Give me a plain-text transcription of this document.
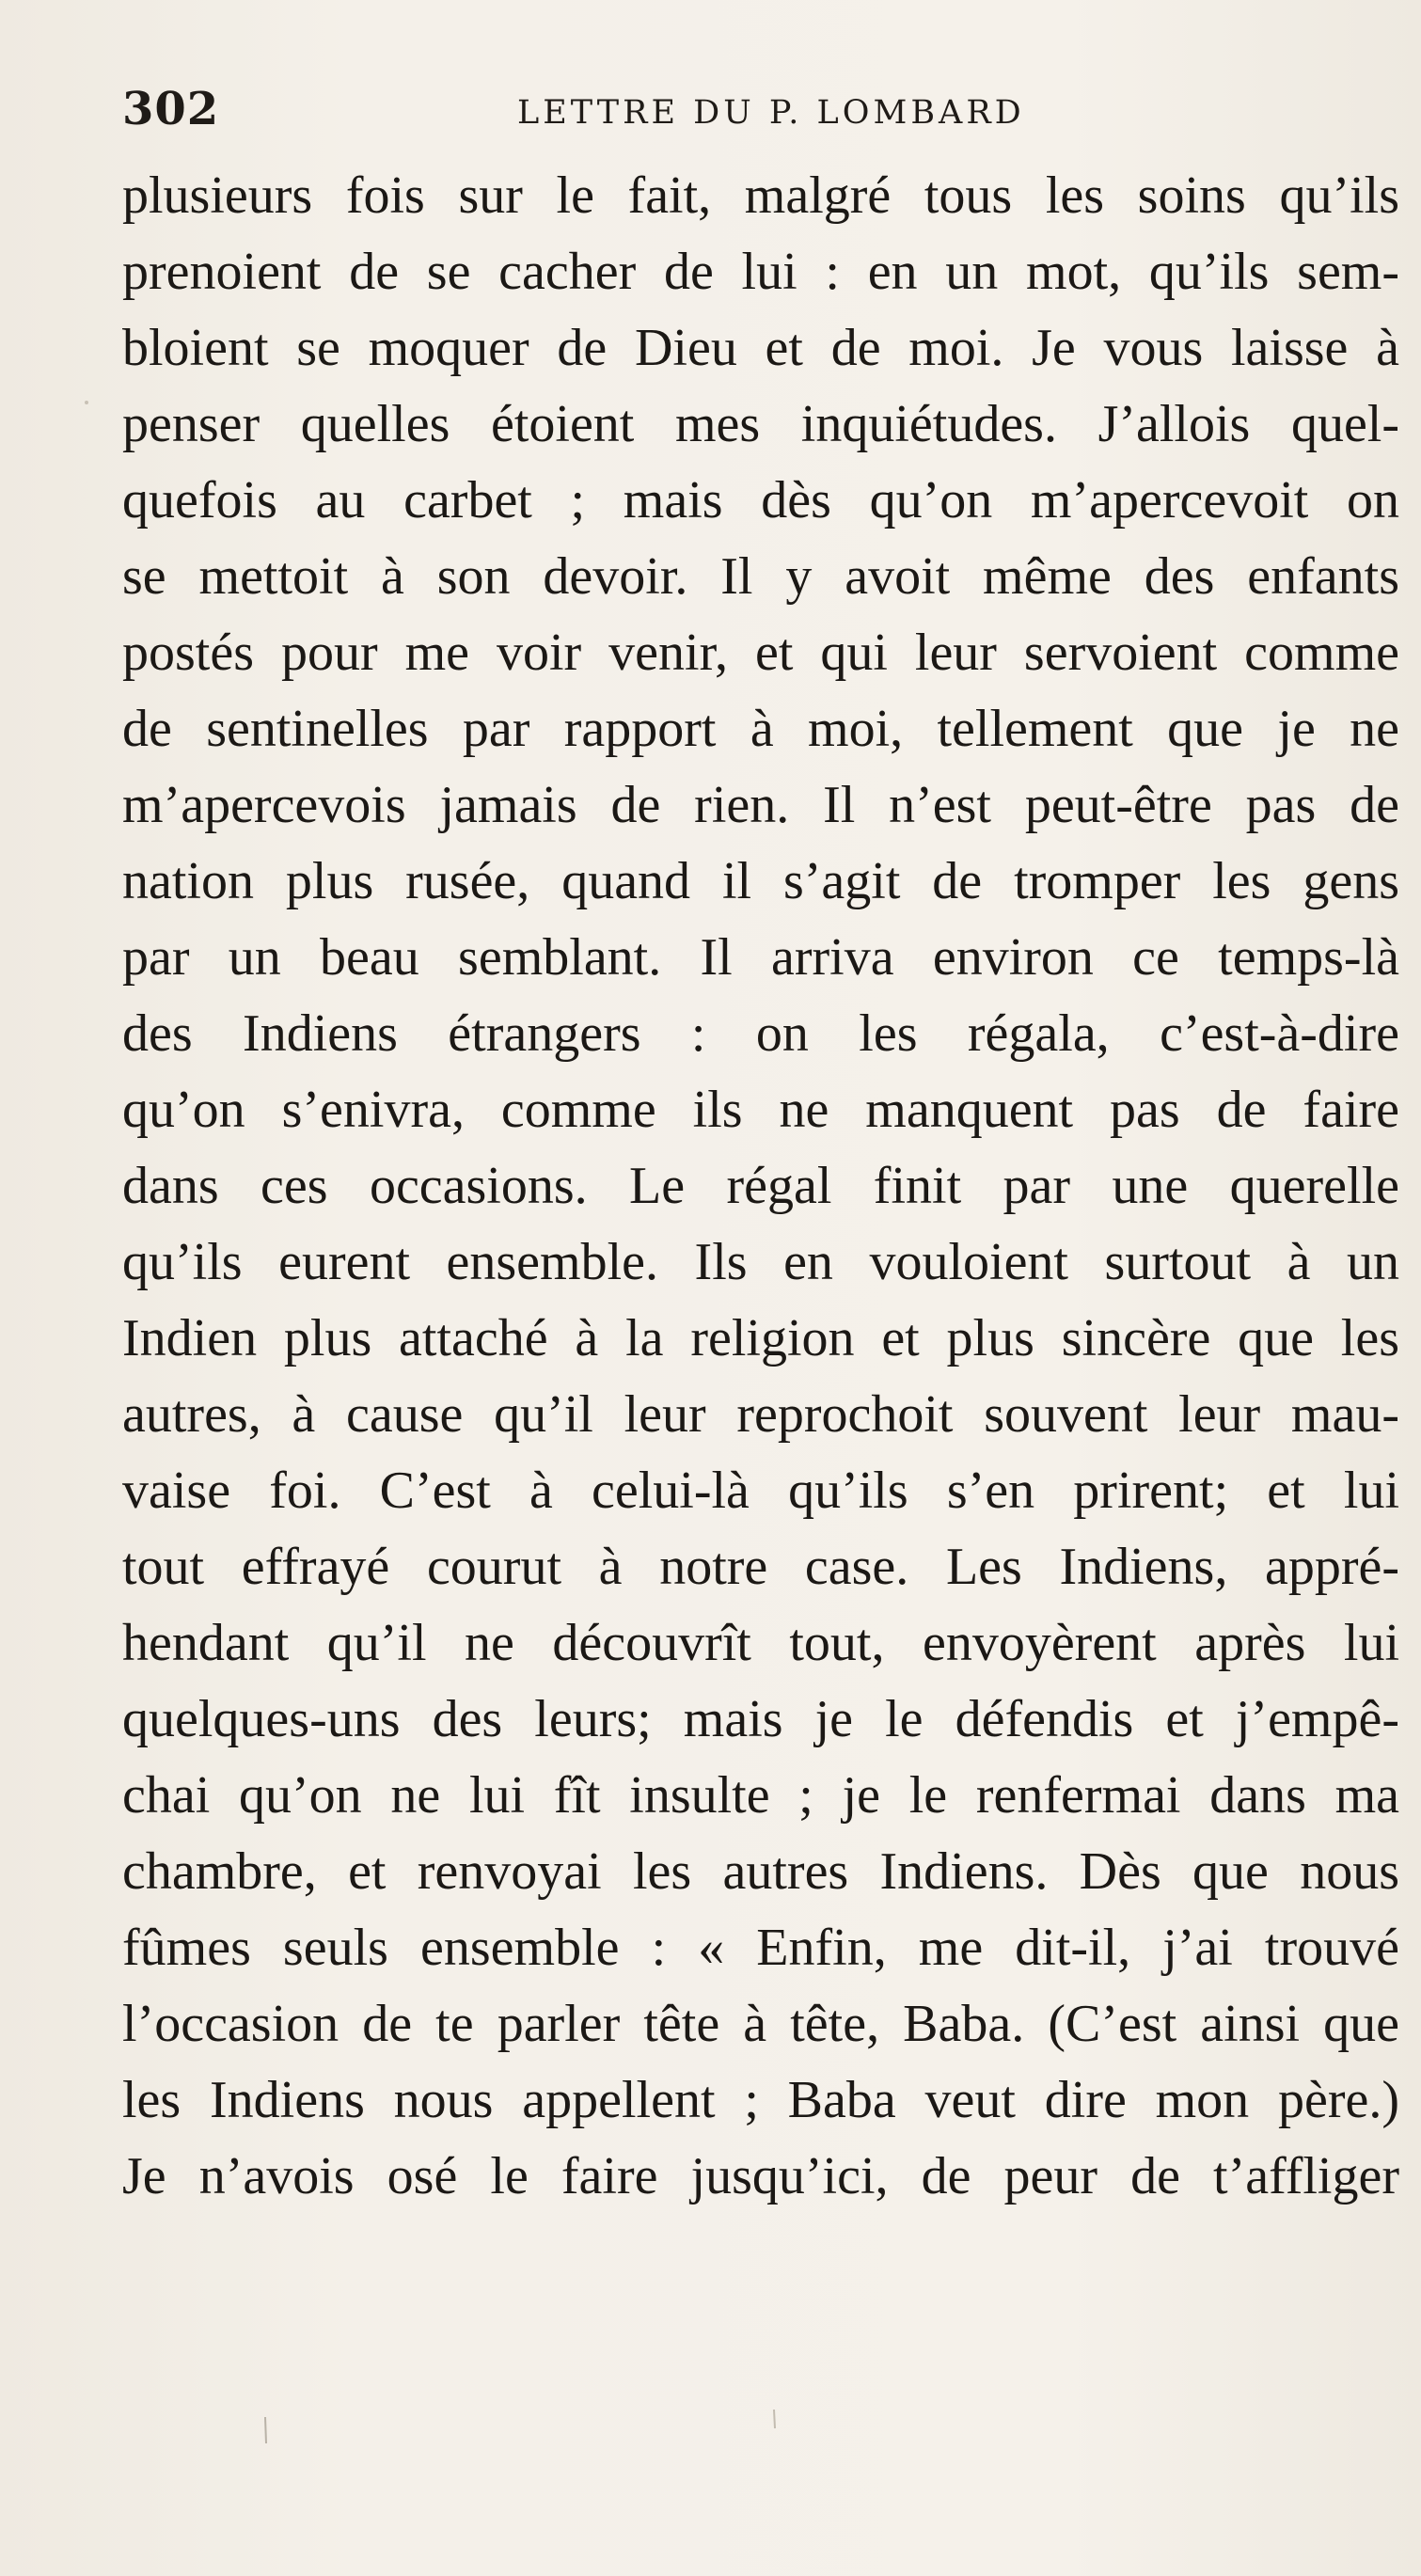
302	LETTRE DU P. LOMBARD
plusieurs fois sur le fait, malgré tous les soins qu’ils
prenoient de se cacher de lui : en un mot, qu’ils sem-
bloient se moquer de Dieu et de moi. Je vous laisse à
penser quelles étoient mes inquiétudes. J’allois quel-
quefois au carbet ; mais dès qu’on m’apercevoit on
se mettoit à son devoir. Il y avoit même des enfants
postés pour me voir venir, et qui leur servoient comme
de sentinelles par rapport à moi, tellement que je ne
m’apercevois jamais de rien. Il n’est peut-être pas de
nation plus rusée, quand il s’agit de tromper les gens
par un beau semblant. Il arriva environ ce temps-là
des Indiens étrangers : on les régala, c’est-à-dire
qu’on s’enivra, comme ils ne manquent pas de faire
dans ces occasions. Le régal finit par une querelle
qu’ils eurent ensemble. Ils en vouloient surtout à un
Indien plus attaché à la religion et plus sincère que les
autres, à cause qu’il leur reprochoit souvent leur mau-
vaise foi. C’est à celui-là qu’ils s’en prirent; et lui
tout effrayé courut à notre case. Les Indiens, appré-
hendant qu’il ne découvrît tout, envoyèrent après lui
quelques-uns des leurs; mais je le défendis et j’empê-
chai qu’on ne lui fît insulte ; je le renfermai dans ma
chambre, et renvoyai les autres Indiens. Dès que nous
fûmes seuls ensemble : « Enfin, me dit-il, j’ai trouvé
l’occasion de te parler tête à tête, Baba. (C’est ainsi que
les Indiens nous appellent ; Baba veut dire mon père.)
Je n’avois osé le faire jusqu’ici, de peur de t’affliger
